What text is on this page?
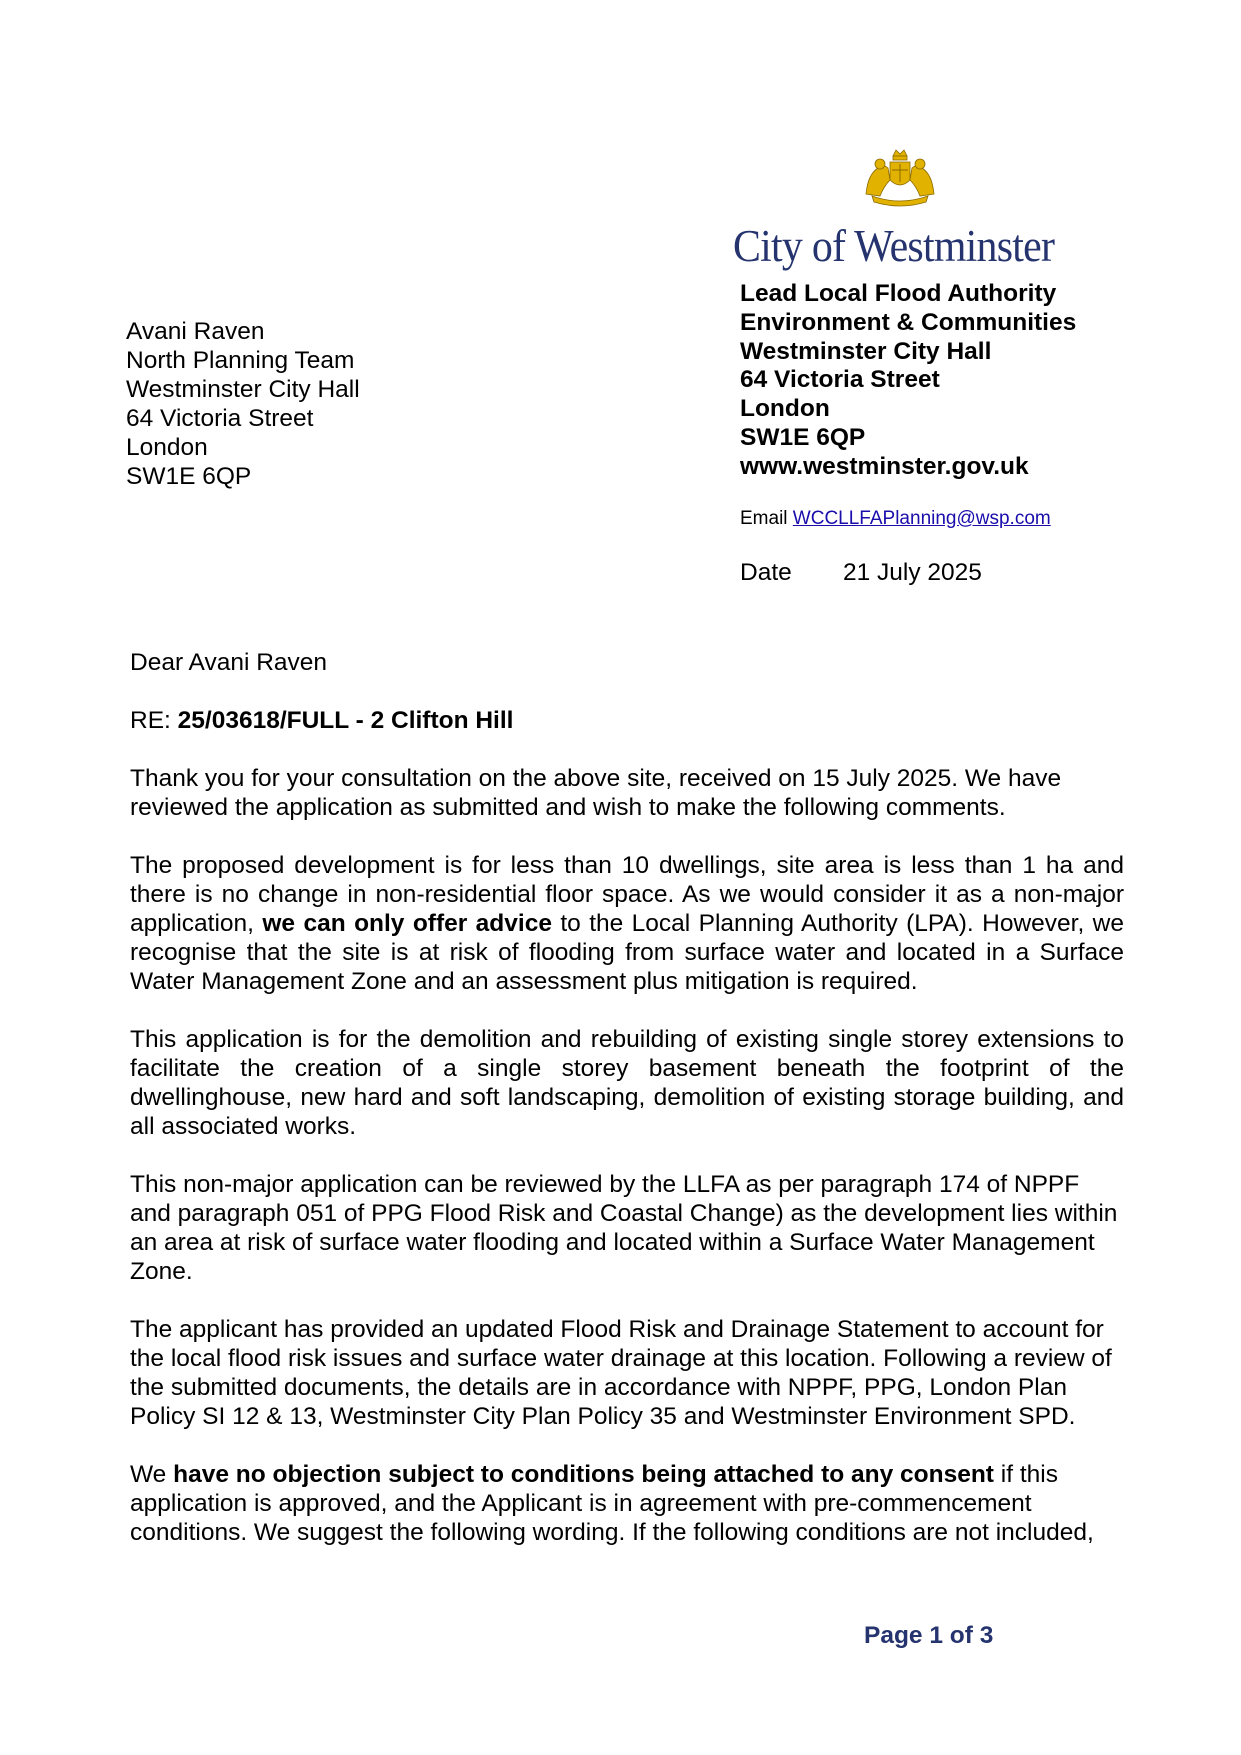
City of Westminster
Avani Raven
North Planning Team
Westminster City Hall
64 Victoria Street
London
SW1E 6QP
Lead Local Flood Authority
Environment & Communities
Westminster City Hall
64 Victoria Street
London
SW1E 6QP
www.westminster.gov.uk
Email WCCLLFAPlanning@wsp.com
Date 21 July 2025

Dear Avani Raven

RE: 25/03618/FULL - 2 Clifton Hill

Thank you for your consultation on the above site, received on 15 July 2025. We have reviewed the application as submitted and wish to make the following comments.

The proposed development is for less than 10 dwellings, site area is less than 1 ha and there is no change in non-residential floor space. As we would consider it as a non-major application, we can only offer advice to the Local Planning Authority (LPA). However, we recognise that the site is at risk of flooding from surface water and located in a Surface Water Management Zone and an assessment plus mitigation is required.

This application is for the demolition and rebuilding of existing single storey extensions to facilitate the creation of a single storey basement beneath the footprint of the dwellinghouse, new hard and soft landscaping, demolition of existing storage building, and all associated works.

This non-major application can be reviewed by the LLFA as per paragraph 174 of NPPF and paragraph 051 of PPG Flood Risk and Coastal Change) as the development lies within an area at risk of surface water flooding and located within a Surface Water Management Zone.

The applicant has provided an updated Flood Risk and Drainage Statement to account for the local flood risk issues and surface water drainage at this location. Following a review of the submitted documents, the details are in accordance with NPPF, PPG, London Plan Policy SI 12 & 13, Westminster City Plan Policy 35 and Westminster Environment SPD.

We have no objection subject to conditions being attached to any consent if this application is approved, and the Applicant is in agreement with pre-commencement conditions. We suggest the following wording. If the following conditions are not included,

Page 1 of 3
